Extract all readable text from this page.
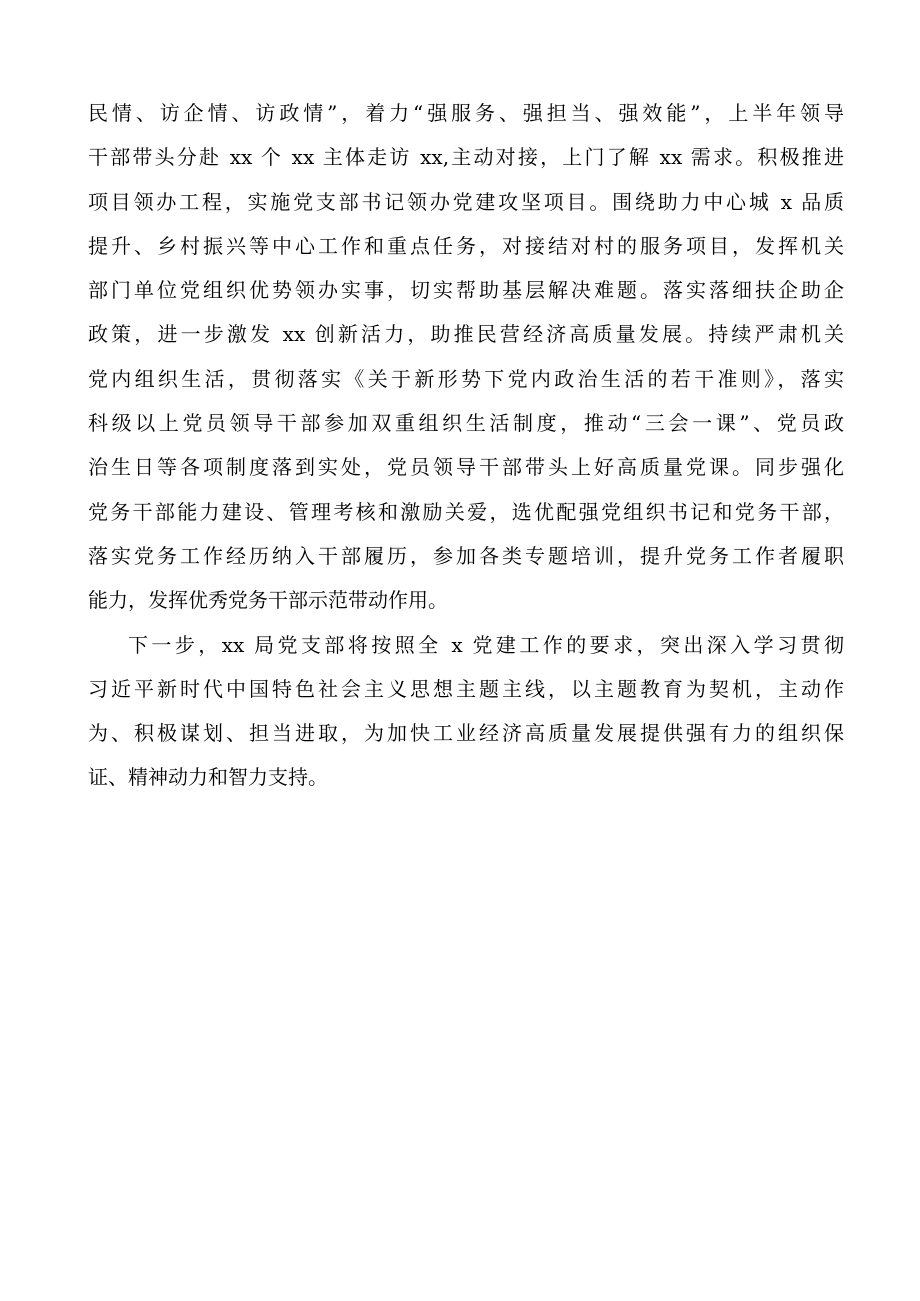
民情、访企情、访政情”，着力“强服务、强担当、强效能”，上半年领导
干部带头分赴 xx 个 xx 主体走访 xx,主动对接，上门了解 xx 需求。积极推进
项目领办工程，实施党支部书记领办党建攻坚项目。围绕助力中心城 x 品质
提升、乡村振兴等中心工作和重点任务，对接结对村的服务项目，发挥机关
部门单位党组织优势领办实事，切实帮助基层解决难题。落实落细扶企助企
政策，进一步激发 xx 创新活力，助推民营经济高质量发展。持续严肃机关
党内组织生活，贯彻落实《关于新形势下党内政治生活的若干准则》，落实
科级以上党员领导干部参加双重组织生活制度，推动“三会一课”、党员政
治生日等各项制度落到实处，党员领导干部带头上好高质量党课。同步强化
党务干部能力建设、管理考核和激励关爱，选优配强党组织书记和党务干部，
落实党务工作经历纳入干部履历，参加各类专题培训，提升党务工作者履职
能力，发挥优秀党务干部示范带动作用。
下一步，xx 局党支部将按照全 x 党建工作的要求，突出深入学习贯彻
习近平新时代中国特色社会主义思想主题主线，以主题教育为契机，主动作
为、积极谋划、担当进取，为加快工业经济高质量发展提供强有力的组织保
证、精神动力和智力支持。
